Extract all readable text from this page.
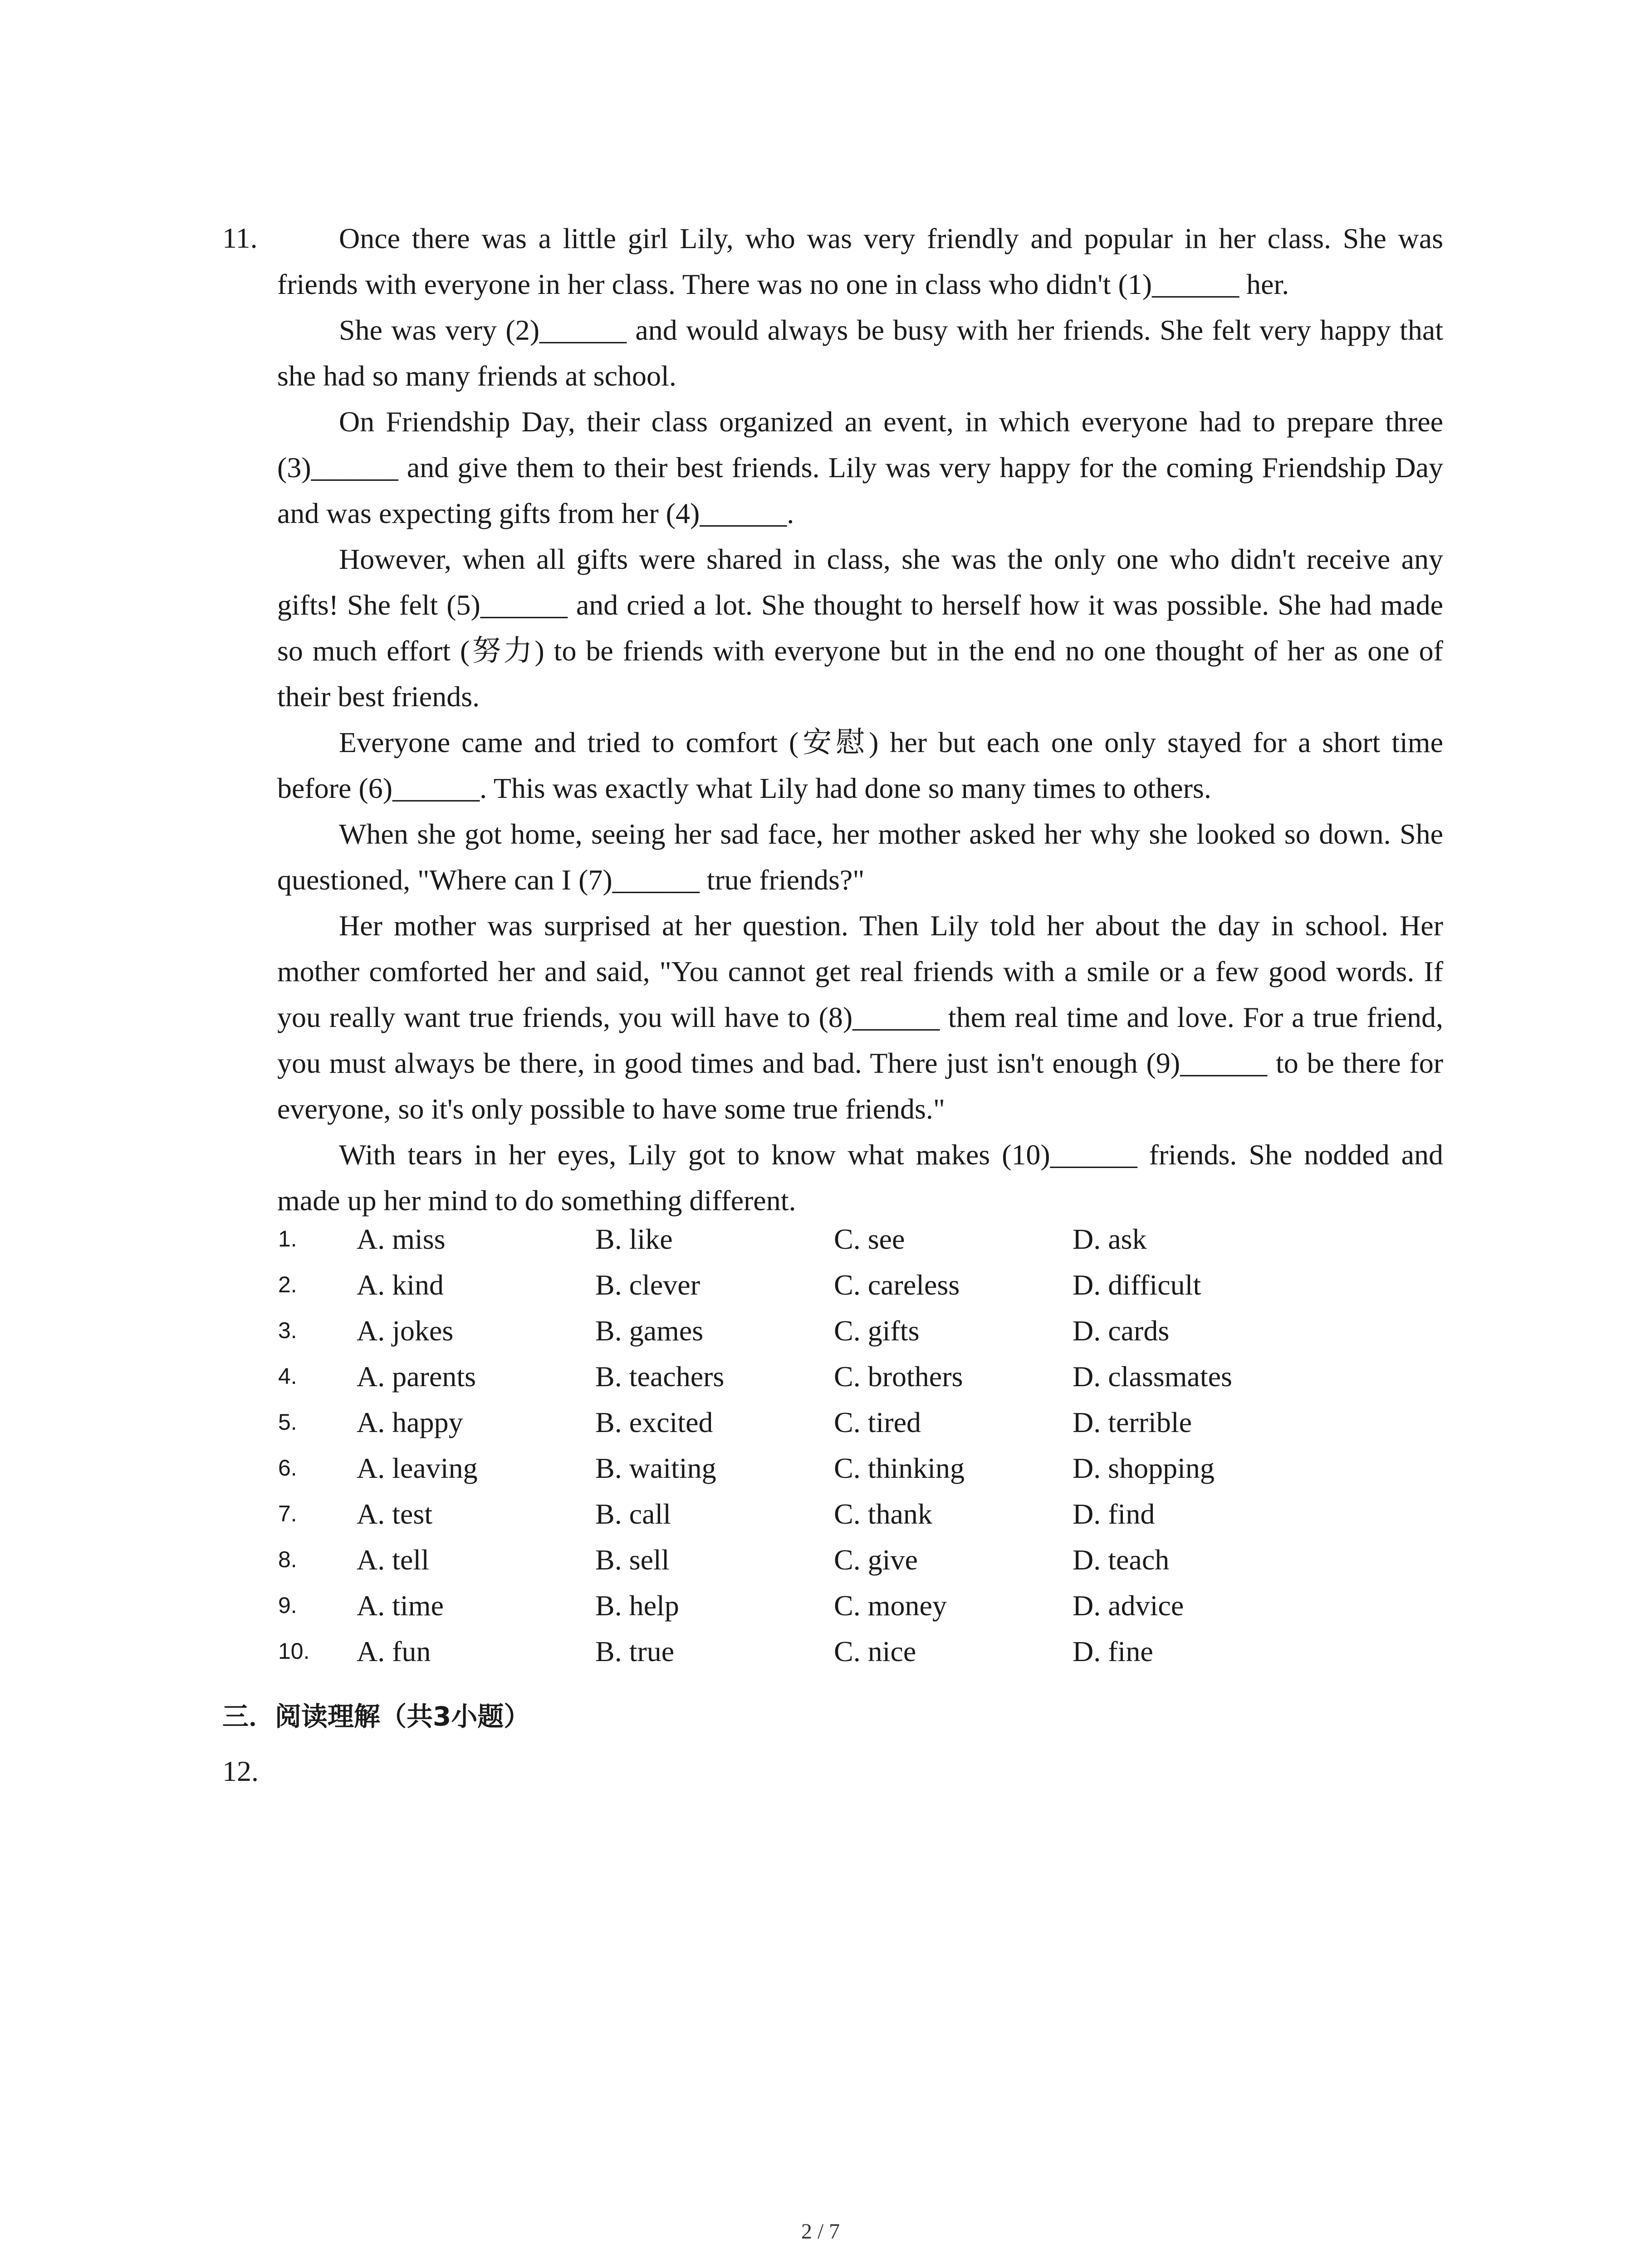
11.	Once there was a little girl Lily, who was very friendly and popular in her class. She was friends with everyone in her class. There was no one in class who didn't (1)______ her.

She was very (2)______ and would always be busy with her friends. She felt very happy that she had so many friends at school.

On Friendship Day, their class organized an event, in which everyone had to prepare three (3)______ and give them to their best friends. Lily was very happy for the coming Friendship Day and was expecting gifts from her (4)______.

However, when all gifts were shared in class, she was the only one who didn't receive any gifts! She felt (5)______ and cried a lot. She thought to herself how it was possible. She had made so much effort (努力) to be friends with everyone but in the end no one thought of her as one of their best friends.

Everyone came and tried to comfort (安慰) her but each one only stayed for a short time before (6)______. This was exactly what Lily had done so many times to others.

When she got home, seeing her sad face, her mother asked her why she looked so down. She questioned, "Where can I (7)______ true friends?"

Her mother was surprised at her question. Then Lily told her about the day in school. Her mother comforted her and said, "You cannot get real friends with a smile or a few good words. If you really want true friends, you will have to (8)______ them real time and love. For a true friend, you must always be there, in good times and bad. There just isn't enough (9)______ to be there for everyone, so it's only possible to have some true friends."

With tears in her eyes, Lily got to know what makes (10)______ friends. She nodded and made up her mind to do something different.

1. A. miss	B. like	C. see	D. ask
2. A. kind	B. clever	C. careless	D. difficult
3. A. jokes	B. games	C. gifts	D. cards
4. A. parents	B. teachers	C. brothers	D. classmates
5. A. happy	B. excited	C. tired	D. terrible
6. A. leaving	B. waiting	C. thinking	D. shopping
7. A. test	B. call	C. thank	D. find
8. A. tell	B. sell	C. give	D. teach
9. A. time	B. help	C. money	D. advice
10. A. fun	B. true	C. nice	D. fine
三．阅读理解（共3小题）
12.
2 / 7
